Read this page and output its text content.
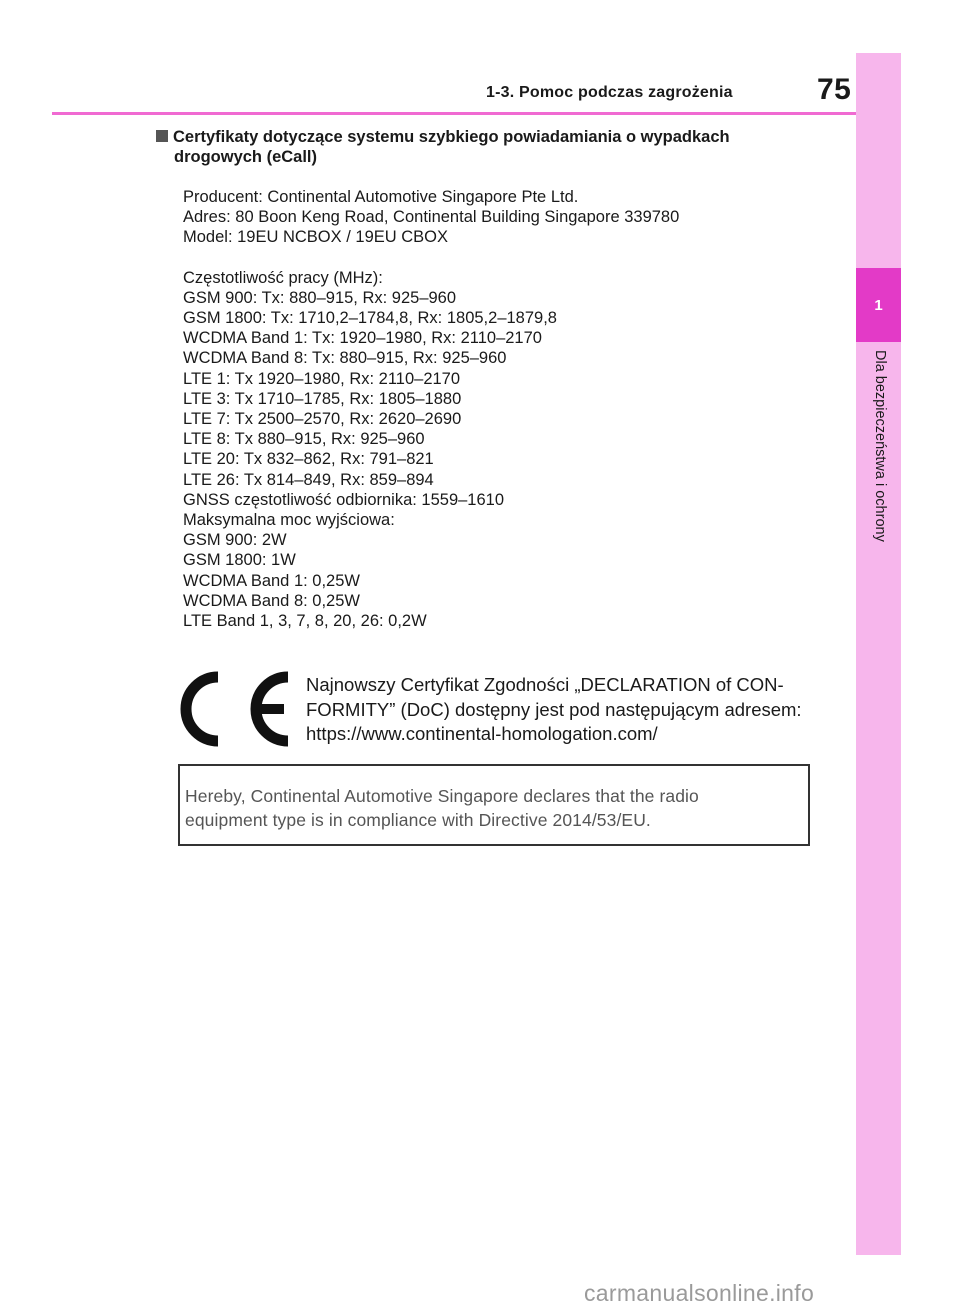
1-3. Pomoc podczas zagrożenia	75
1
Dla bezpieczeństwa i ochrony
Certyfikaty dotyczące systemu szybkiego powiadamiania o wypadkach
drogowych (eCall)
Producent: Continental Automotive Singapore Pte Ltd.
Adres: 80 Boon Keng Road, Continental Building Singapore 339780
Model: 19EU NCBOX / 19EU CBOX
Częstotliwość pracy (MHz):
GSM 900: Tx: 880–915, Rx: 925–960
GSM 1800: Tx: 1710,2–1784,8, Rx: 1805,2–1879,8
WCDMA Band 1: Tx: 1920–1980, Rx: 2110–2170
WCDMA Band 8: Tx: 880–915, Rx: 925–960
LTE 1: Tx 1920–1980, Rx: 2110–2170
LTE 3: Tx 1710–1785, Rx: 1805–1880
LTE 7: Tx 2500–2570, Rx: 2620–2690
LTE 8: Tx 880–915, Rx: 925–960
LTE 20: Tx 832–862, Rx: 791–821
LTE 26: Tx 814–849, Rx: 859–894
GNSS częstotliwość odbiornika: 1559–1610
Maksymalna moc wyjściowa:
GSM 900: 2W
GSM 1800: 1W
WCDMA Band 1: 0,25W
WCDMA Band 8: 0,25W
LTE Band 1, 3, 7, 8, 20, 26: 0,2W
Najnowszy Certyfikat Zgodności „DECLARATION of CON-
FORMITY” (DoC) dostępny jest pod następującym adresem:
https://www.continental-homologation.com/
Hereby, Continental Automotive Singapore declares that the radio
equipment type is in compliance with Directive 2014/53/EU.
carmanualsonline.info
